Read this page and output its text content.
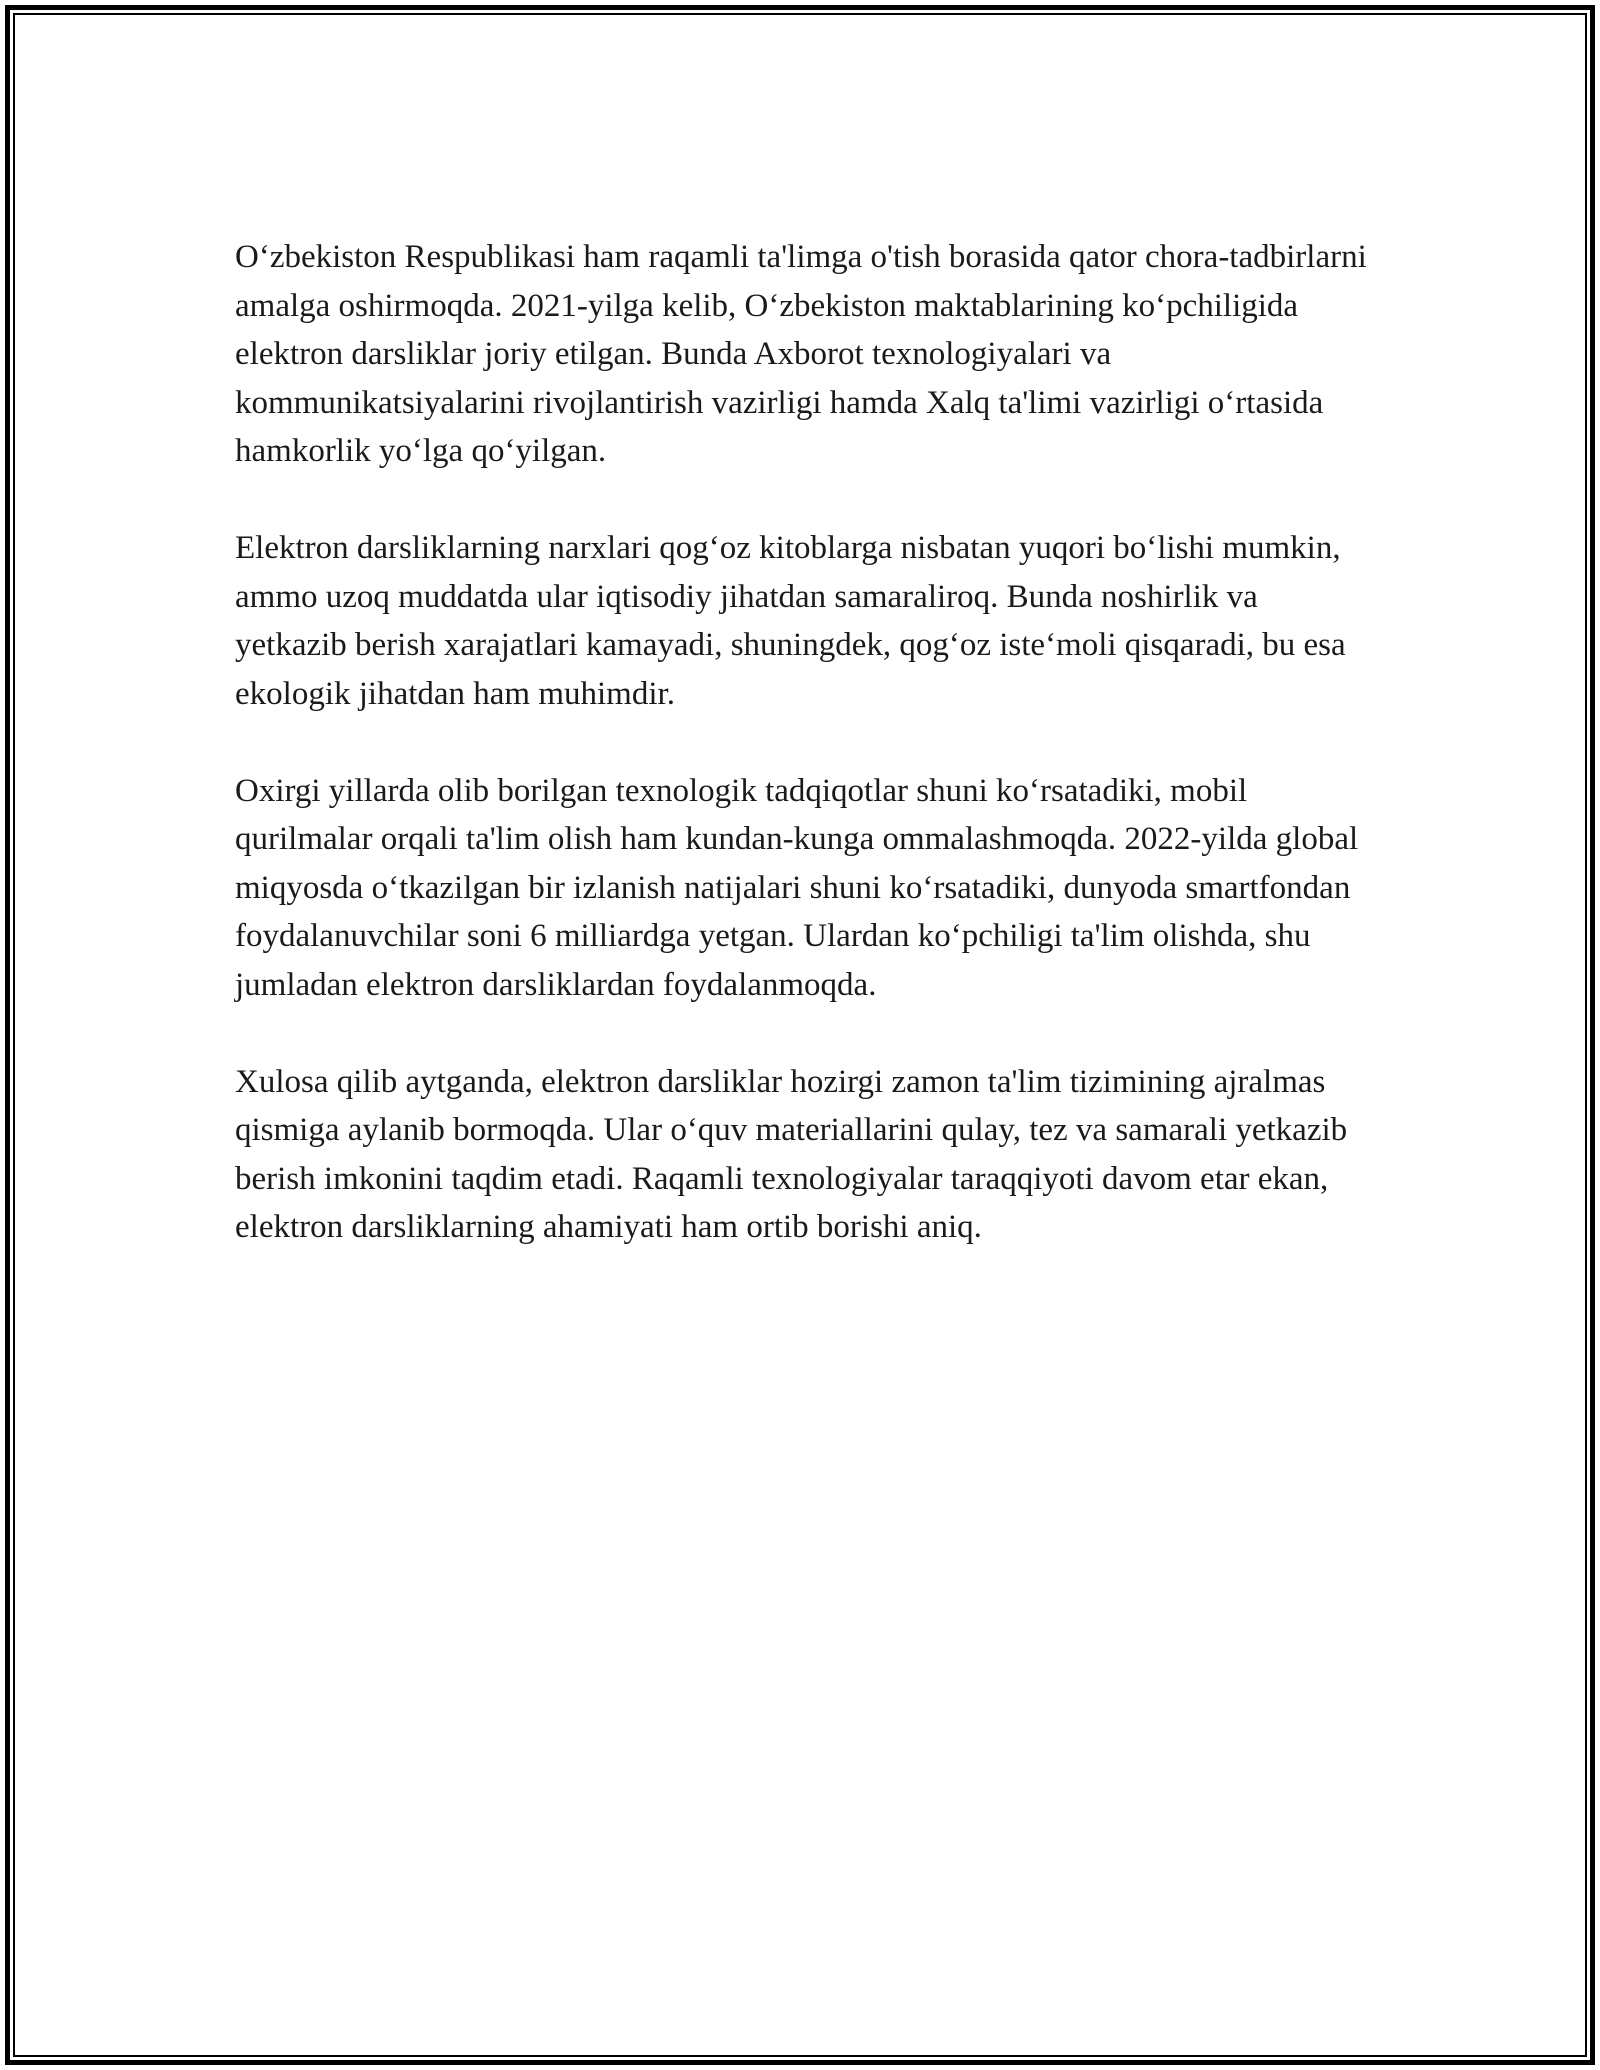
O‘zbekiston Respublikasi ham raqamli ta'limga o'tish borasida qator chora-tadbirlarni amalga oshirmoqda. 2021-yilga kelib, O‘zbekiston maktablarining ko‘pchiligida elektron darsliklar joriy etilgan. Bunda Axborot texnologiyalari va kommunikatsiyalarini rivojlantirish vazirligi hamda Xalq ta'limi vazirligi o‘rtasida hamkorlik yo‘lga qo‘yilgan.

Elektron darsliklarning narxlari qog‘oz kitoblarga nisbatan yuqori bo‘lishi mumkin, ammo uzoq muddatda ular iqtisodiy jihatdan samaraliroq. Bunda noshirlik va yetkazib berish xarajatlari kamayadi, shuningdek, qog‘oz iste‘moli qisqaradi, bu esa ekologik jihatdan ham muhimdir.

Oxirgi yillarda olib borilgan texnologik tadqiqotlar shuni ko‘rsatadiki, mobil qurilmalar orqali ta'lim olish ham kundan-kunga ommalashmoqda. 2022-yilda global miqyosda o‘tkazilgan bir izlanish natijalari shuni ko‘rsatadiki, dunyoda smartfondan foydalanuvchilar soni 6 milliardga yetgan. Ulardan ko‘pchiligi ta'lim olishda, shu jumladan elektron darsliklardan foydalanmoqda.

Xulosa qilib aytganda, elektron darsliklar hozirgi zamon ta'lim tizimining ajralmas qismiga aylanib bormoqda. Ular o‘quv materiallarini qulay, tez va samarali yetkazib berish imkonini taqdim etadi. Raqamli texnologiyalar taraqqiyoti davom etar ekan, elektron darsliklarning ahamiyati ham ortib borishi aniq.
